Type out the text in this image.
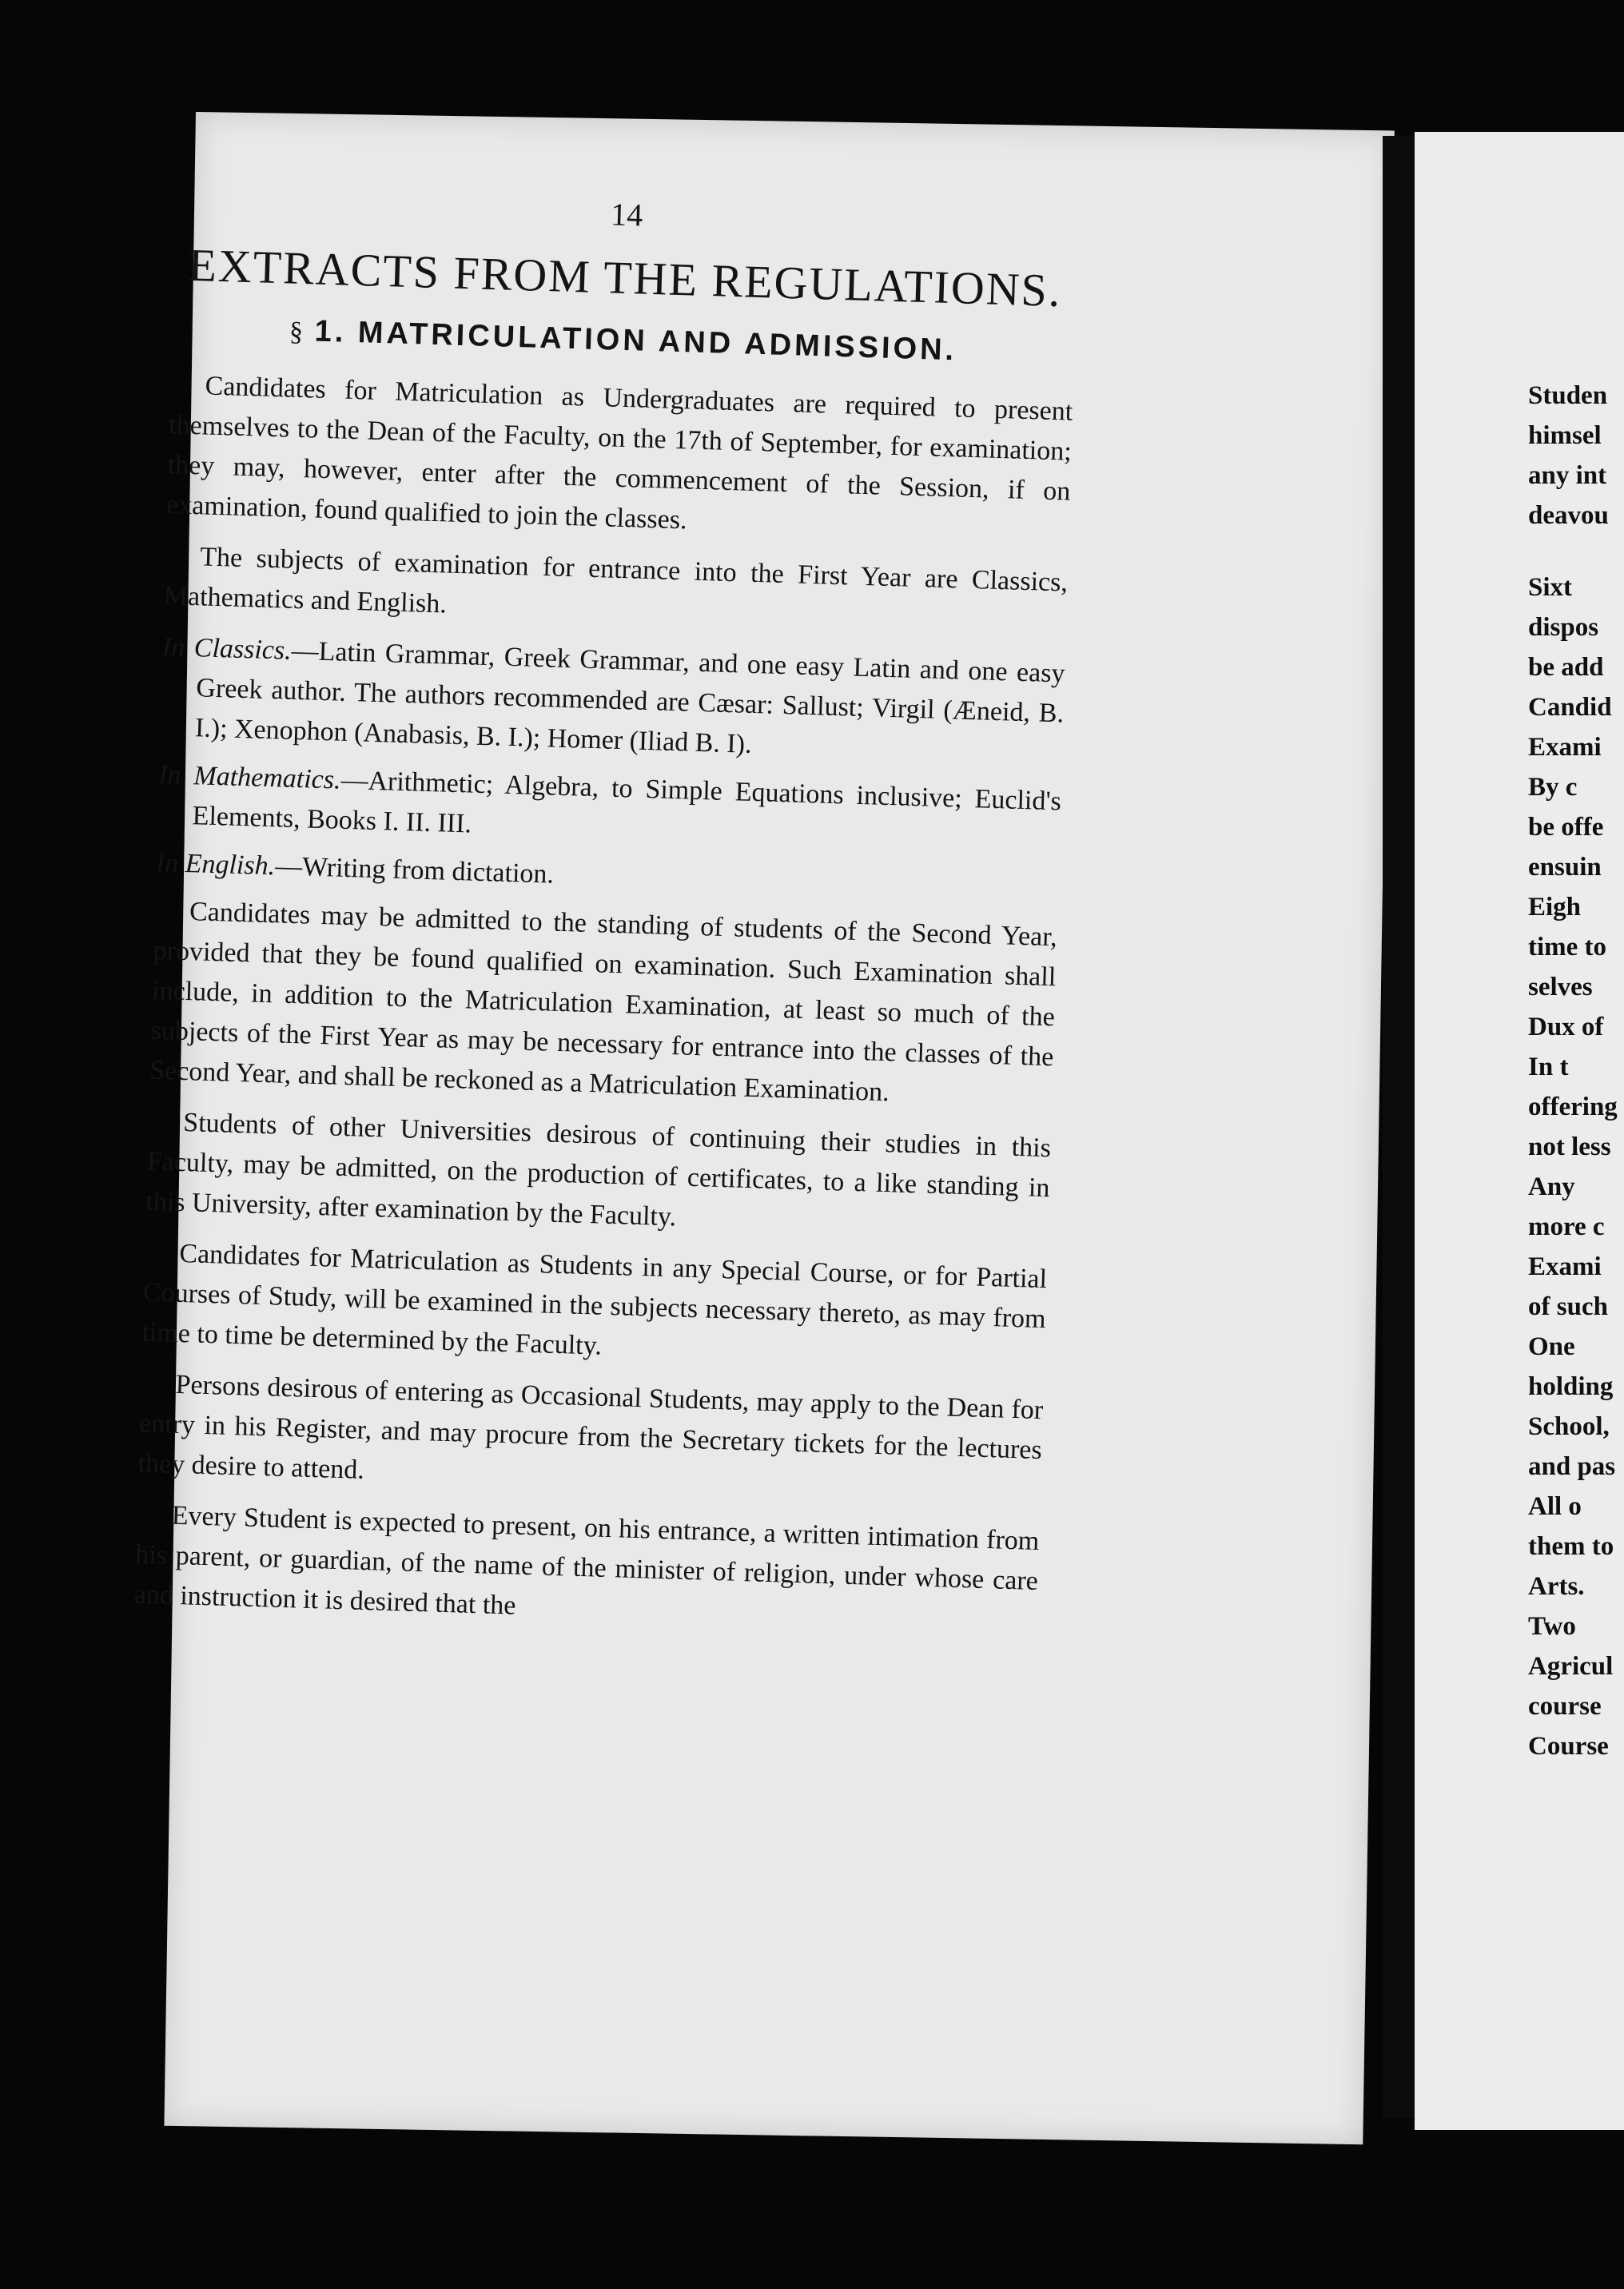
14
EXTRACTS FROM THE REGULATIONS.
§ 1. MATRICULATION AND ADMISSION.

Candidates for Matriculation as Undergraduates are required to present themselves to the Dean of the Faculty, on the 17th of September, for examination; they may, however, enter after the commencement of the Session, if on examination, found qualified to join the classes.

The subjects of examination for entrance into the First Year are Classics, Mathematics and English.

In Classics.—Latin Grammar, Greek Grammar, and one easy Latin and one easy Greek author. The authors recommended are Cæsar: Sallust; Virgil (Æneid, B. I.); Xenophon (Anabasis, B. I.); Homer (Iliad B. I).
In Mathematics.—Arithmetic; Algebra, to Simple Equations inclusive; Euclid's Elements, Books I. II. III.
In English.—Writing from dictation.

Candidates may be admitted to the standing of students of the Second Year, provided that they be found qualified on examination. Such Examination shall include, in addition to the Matriculation Examination, at least so much of the subjects of the First Year as may be necessary for entrance into the classes of the Second Year, and shall be reckoned as a Matriculation Examination.

Students of other Universities desirous of continuing their studies in this Faculty, may be admitted, on the production of certificates, to a like standing in this University, after examination by the Faculty.

Candidates for Matriculation as Students in any Special Course, or for Partial Courses of Study, will be examined in the subjects necessary thereto, as may from time to time be determined by the Faculty.

Persons desirous of entering as Occasional Students, may apply to the Dean for entry in his Register, and may procure from the Secretary tickets for the lectures they desire to attend.

Every Student is expected to present, on his entrance, a written intimation from his parent, or guardian, of the name of the minister of religion, under whose care and instruction it is desired that the

Studen
himsel
any int
deavou
Sixt
dispos
be add
Candid
Exami
By c
be offe
ensuin
Eigh
time to
selves
Dux of
In t
offering
not less
Any
more c
Exami
of such
One
holding
School,
and pas
All o
them to
Arts.
Two
Agricul
course
Course
